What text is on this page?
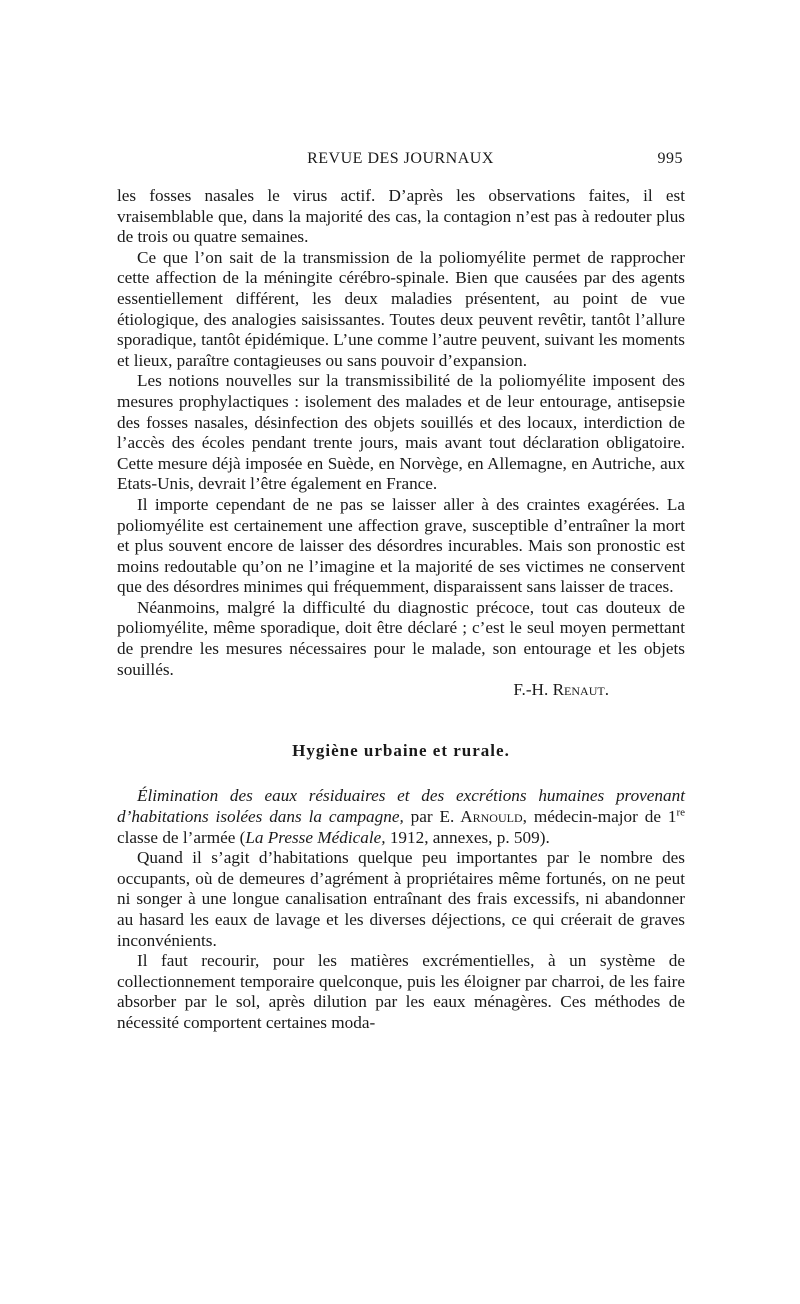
REVUE DES JOURNAUX	995

les fosses nasales le virus actif. D’après les observations faites, il est vraisemblable que, dans la majorité des cas, la contagion n’est pas à redouter plus de trois ou quatre semaines.

Ce que l’on sait de la transmission de la poliomyélite permet de rapprocher cette affection de la méningite cérébro-spinale. Bien que causées par des agents essentiellement différent, les deux maladies présentent, au point de vue étiologique, des analogies saisissantes. Toutes deux peuvent revêtir, tantôt l’allure sporadique, tantôt épidémique. L’une comme l’autre peuvent, suivant les moments et lieux, paraître contagieuses ou sans pouvoir d’expansion.

Les notions nouvelles sur la transmissibilité de la poliomyélite imposent des mesures prophylactiques : isolement des malades et de leur entourage, antisepsie des fosses nasales, désinfection des objets souillés et des locaux, interdiction de l’accès des écoles pendant trente jours, mais avant tout déclaration obligatoire. Cette mesure déjà imposée en Suède, en Norvège, en Allemagne, en Autriche, aux Etats-Unis, devrait l’être également en France.

Il importe cependant de ne pas se laisser aller à des craintes exagérées. La poliomyélite est certainement une affection grave, susceptible d’entraîner la mort et plus souvent encore de laisser des désordres incurables. Mais son pronostic est moins redoutable qu’on ne l’imagine et la majorité de ses victimes ne conservent que des désordres minimes qui fréquemment, disparaissent sans laisser de traces.

Néanmoins, malgré la difficulté du diagnostic précoce, tout cas douteux de poliomyélite, même sporadique, doit être déclaré ; c’est le seul moyen permettant de prendre les mesures nécessaires pour le malade, son entourage et les objets souillés.

F.-H. Renaut.

Hygiène urbaine et rurale.

Élimination des eaux résiduaires et des excrétions humaines provenant d’habitations isolées dans la campagne, par E. Arnould, médecin-major de 1re classe de l’armée (La Presse Médicale, 1912, annexes, p. 509).

Quand il s’agit d’habitations quelque peu importantes par le nombre des occupants, où de demeures d’agrément à propriétaires même fortunés, on ne peut ni songer à une longue canalisation entraînant des frais excessifs, ni abandonner au hasard les eaux de lavage et les diverses déjections, ce qui créerait de graves inconvénients.

Il faut recourir, pour les matières excrémentielles, à un système de collectionnement temporaire quelconque, puis les éloigner par charroi, de les faire absorber par le sol, après dilution par les eaux ménagères. Ces méthodes de nécessité comportent certaines moda-
